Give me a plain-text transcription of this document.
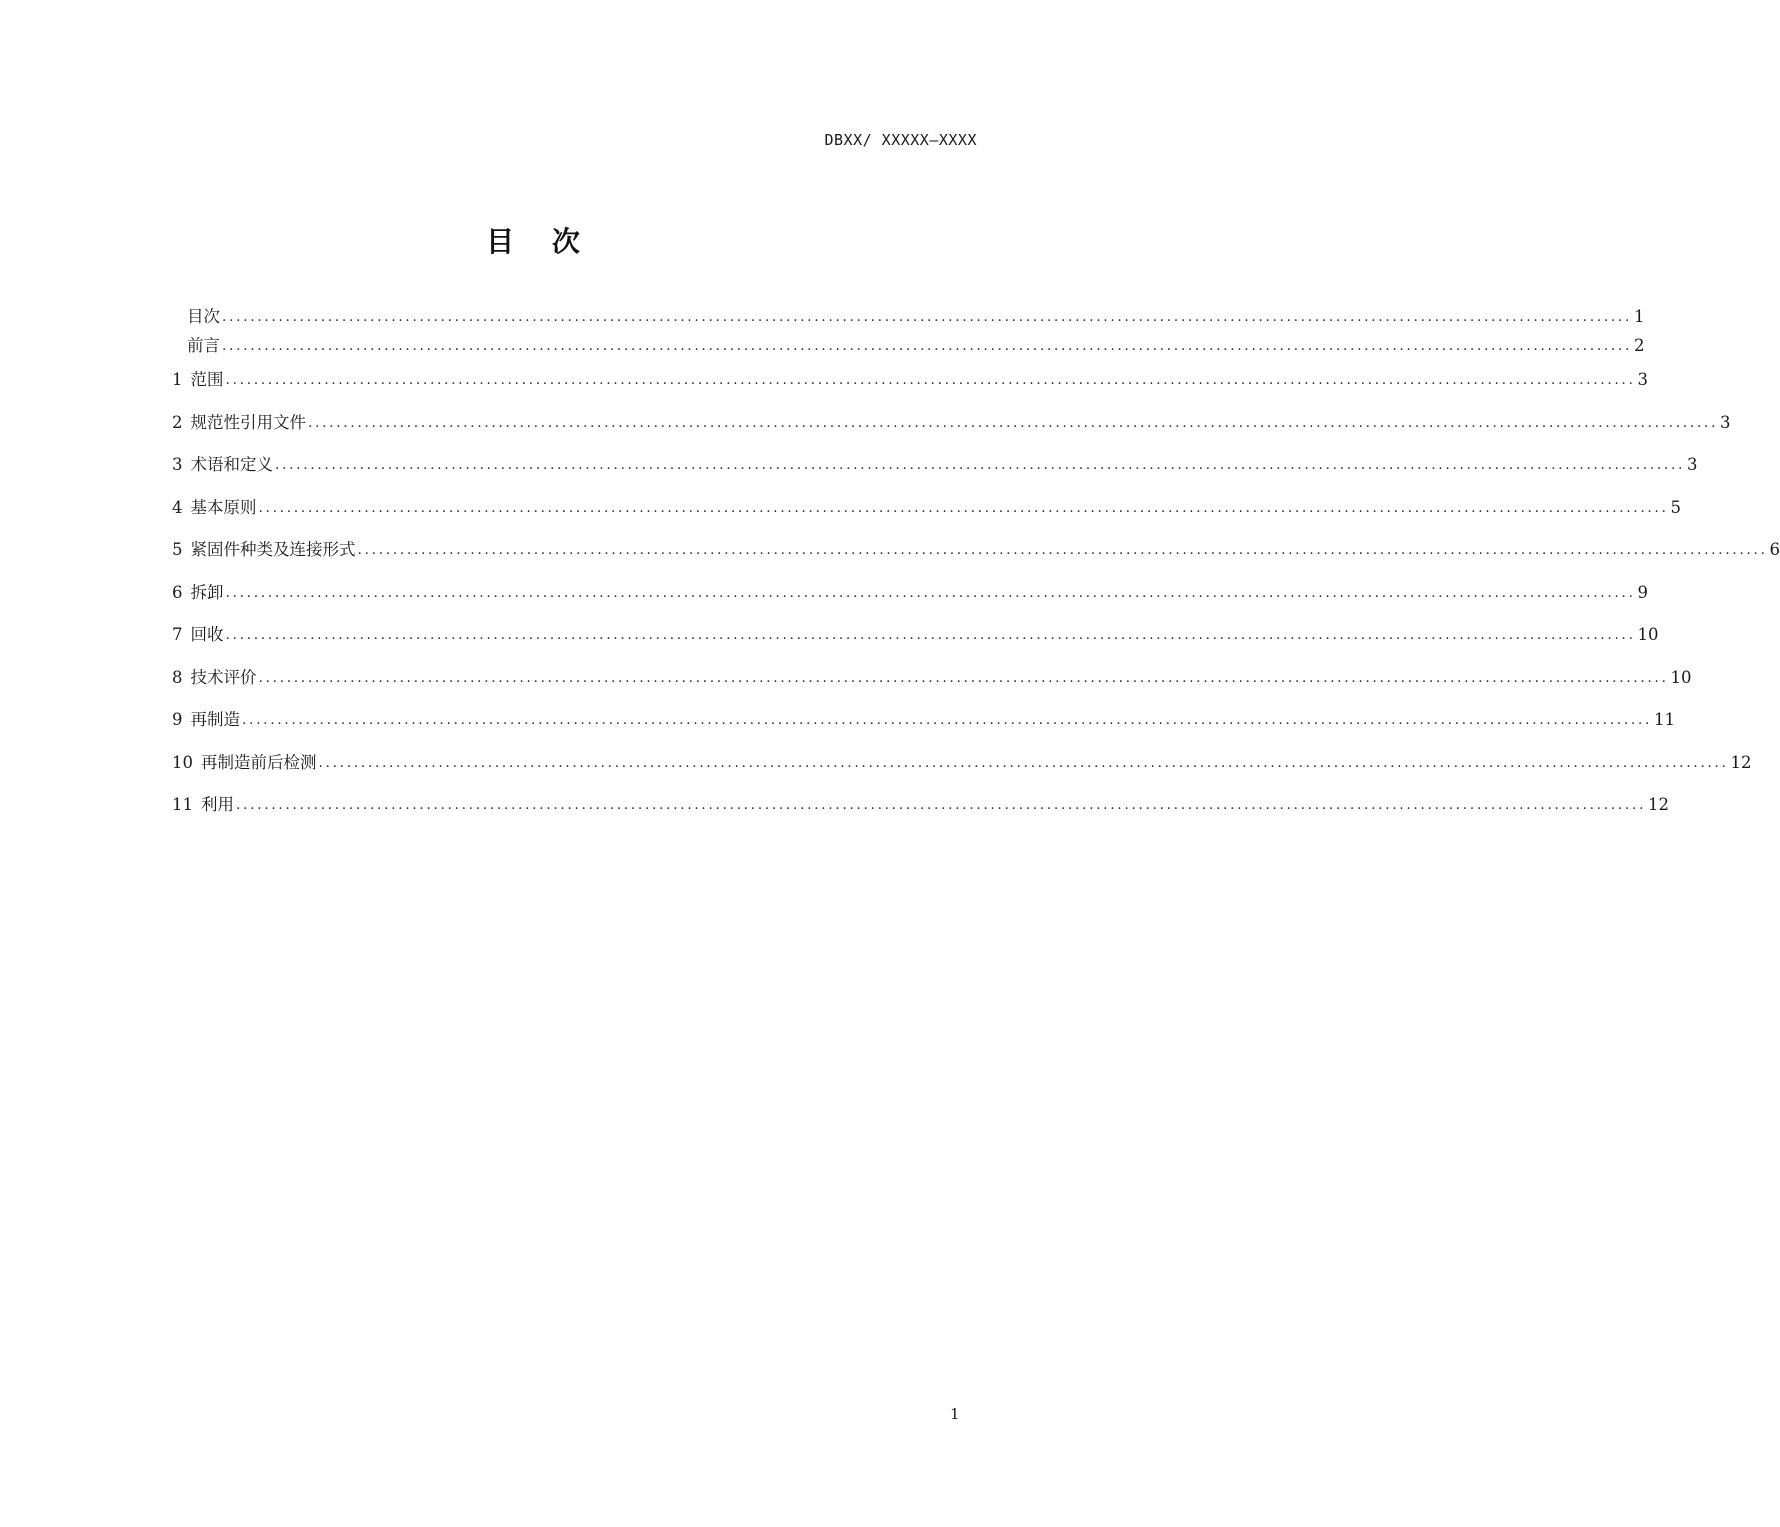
DBXX/ XXXXX—XXXX
目 次
目次 ........................................................................................................................................................................................................ 1
前言 ........................................................................................................................................................................................................ 2
1 范围 ........................................................................................................................................................................................................ 3
2 规范性引用文件 ........................................................................................................................................................................................................ 3
3 术语和定义 ........................................................................................................................................................................................................ 3
4 基本原则 ........................................................................................................................................................................................................ 5
5 紧固件种类及连接形式 ........................................................................................................................................................................................................ 6
6 拆卸 ........................................................................................................................................................................................................ 9
7 回收 ........................................................................................................................................................................................................ 10
8 技术评价 ........................................................................................................................................................................................................ 10
9 再制造 ........................................................................................................................................................................................................ 11
10 再制造前后检测 ........................................................................................................................................................................................................ 12
11 利用 ........................................................................................................................................................................................................ 12
1
